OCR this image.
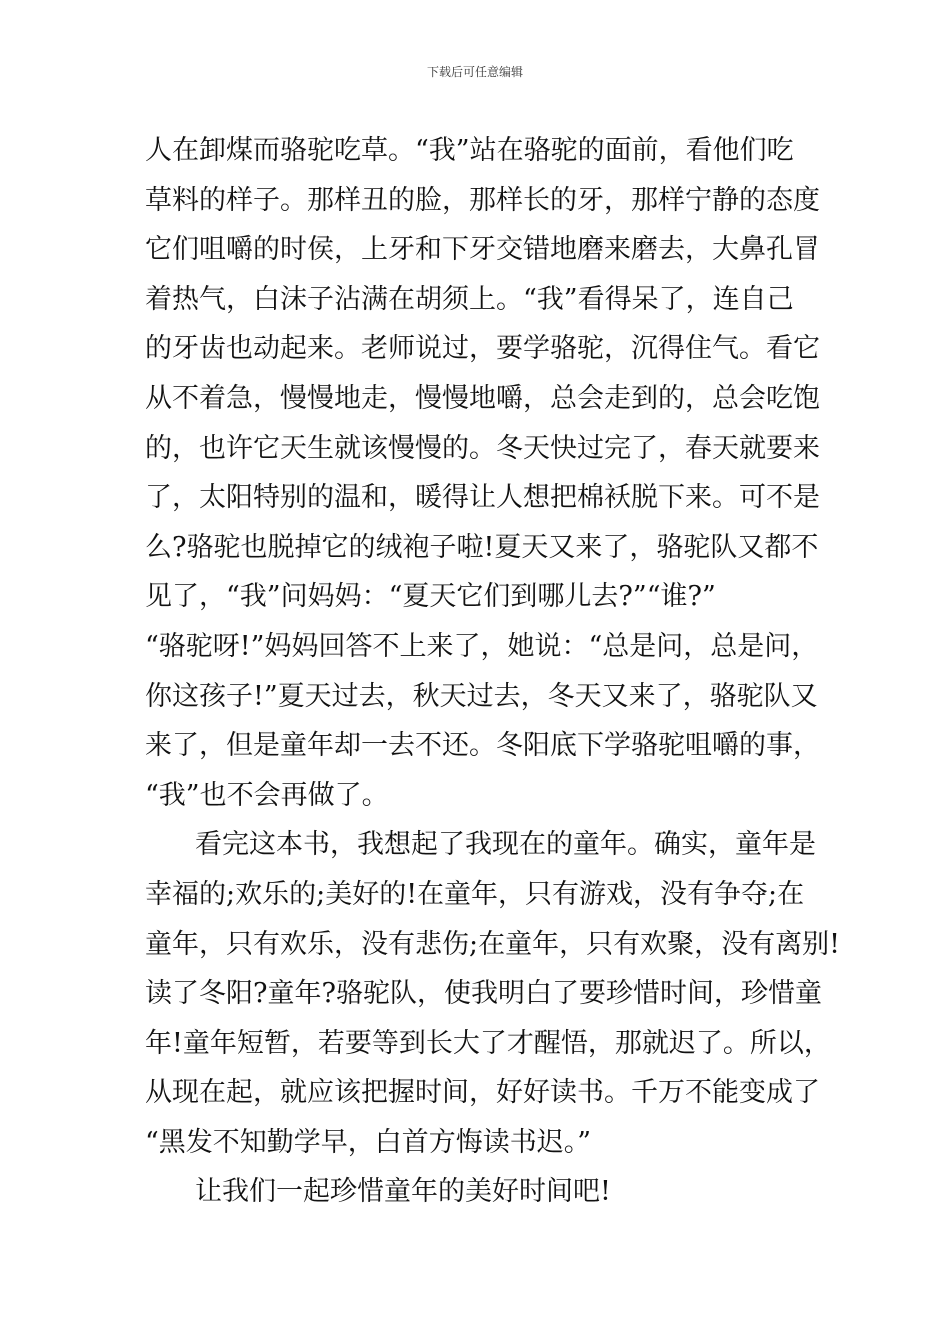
下载后可任意编辑
人在卸煤而骆驼吃草。“我”站在骆驼的面前，看他们吃
草料的样子。那样丑的脸，那样长的牙，那样宁静的态度
它们咀嚼的时侯，上牙和下牙交错地磨来磨去，大鼻孔冒
着热气，白沫子沾满在胡须上。“我”看得呆了，连自己
的牙齿也动起来。老师说过，要学骆驼，沉得住气。看它
从不着急，慢慢地走，慢慢地嚼，总会走到的，总会吃饱
的，也许它天生就该慢慢的。冬天快过完了，春天就要来
了，太阳特别的温和，暖得让人想把棉袄脱下来。可不是
么?骆驼也脱掉它的绒袍子啦!夏天又来了，骆驼队又都不
见了，“我”问妈妈：“夏天它们到哪儿去?”“谁?”
“骆驼呀!”妈妈回答不上来了，她说：“总是问，总是问，
你这孩子!”夏天过去，秋天过去，冬天又来了，骆驼队又
来了，但是童年却一去不还。冬阳底下学骆驼咀嚼的事，
“我”也不会再做了。
看完这本书，我想起了我现在的童年。确实，童年是
幸福的;欢乐的;美好的!在童年，只有游戏，没有争夺;在
童年，只有欢乐，没有悲伤;在童年，只有欢聚，没有离别!
读了冬阳?童年?骆驼队，使我明白了要珍惜时间，珍惜童
年!童年短暂，若要等到长大了才醒悟，那就迟了。所以，
从现在起，就应该把握时间，好好读书。千万不能变成了
“黑发不知勤学早，白首方悔读书迟。”
让我们一起珍惜童年的美好时间吧!
